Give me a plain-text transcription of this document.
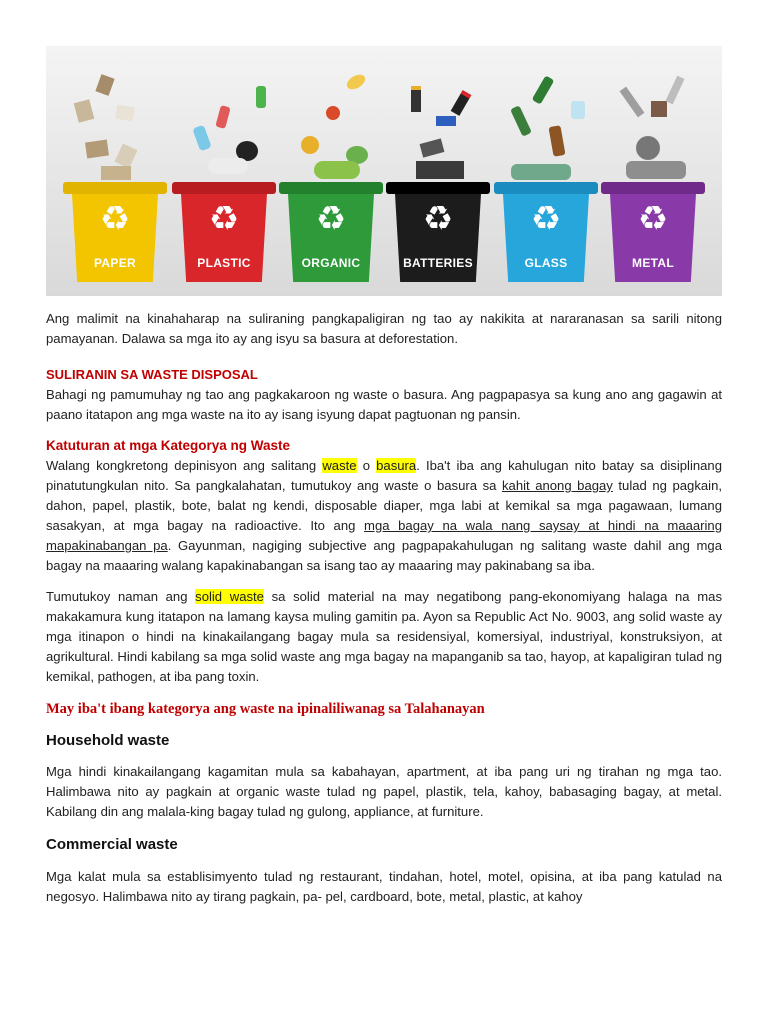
♻
PAPER
♻
PLASTIC
♻
ORGANIC
♻
BATTERIES
♻
GLASS
♻
METAL

Ang malimit na kinahaharap na suliraning pangkapaligiran ng tao ay nakikita at nararanasan sa sarili nitong pamayanan. Dalawa sa mga ito ay ang isyu sa basura at deforestation.

SULIRANIN SA WASTE DISPOSAL

Bahagi ng pamumuhay ng tao ang pagkakaroon ng waste o basura. Ang pagpapasya sa kung ano ang gagawin at paano itatapon ang mga waste na ito ay isang isyung dapat pagtuonan ng pansin.

Katuturan at mga Kategorya ng Waste

Walang kongkretong depinisyon ang salitang waste o basura. Iba't iba ang kahulugan nito batay sa disiplinang pinatutungkulan nito. Sa pangkalahatan, tumutukoy ang waste o basura sa kahit anong bagay tulad ng pagkain, dahon, papel, plastik, bote, balat ng kendi, disposable diaper, mga labi at kemikal sa mga pagawaan, lumang sasakyan, at mga bagay na radioactive. Ito ang mga bagay na wala nang saysay at hindi na maaaring mapakinabangan pa. Gayunman, nagiging subjective ang pagpapakahulugan ng salitang waste dahil ang mga bagay na maaaring walang kapakinabangan sa isang tao ay maaaring may pakinabang sa iba.

Tumutukoy naman ang solid waste sa solid material na may negatibong pang-ekonomiyang halaga na mas makakamura kung itatapon na lamang kaysa muling gamitin pa. Ayon sa Republic Act No. 9003, ang solid waste ay mga itinapon o hindi na kinakailangang bagay mula sa residensiyal, komersiyal, industriyal, konstruksiyon, at agrikultural. Hindi kabilang sa mga solid waste ang mga bagay na mapanganib sa tao, hayop, at kapaligiran tulad ng kemikal, pathogen, at iba pang toxin.

May iba't ibang kategorya ang waste na ipinaliliwanag sa Talahanayan

Household waste

Mga hindi kinakailangang kagamitan mula sa kabahayan, apartment, at iba pang uri ng tirahan ng mga tao. Halimbawa nito ay pagkain at organic waste tulad ng papel, plastik, tela, kahoy, babasaging bagay, at metal. Kabilang din ang malala-king bagay tulad ng gulong, appliance, at furniture.

Commercial waste

Mga kalat mula sa establisimyento tulad ng restaurant, tindahan, hotel, motel, opisina, at iba pang katulad na negosyo. Halimbawa nito ay tirang pagkain, pa- pel, cardboard, bote, metal, plastic, at kahoy
